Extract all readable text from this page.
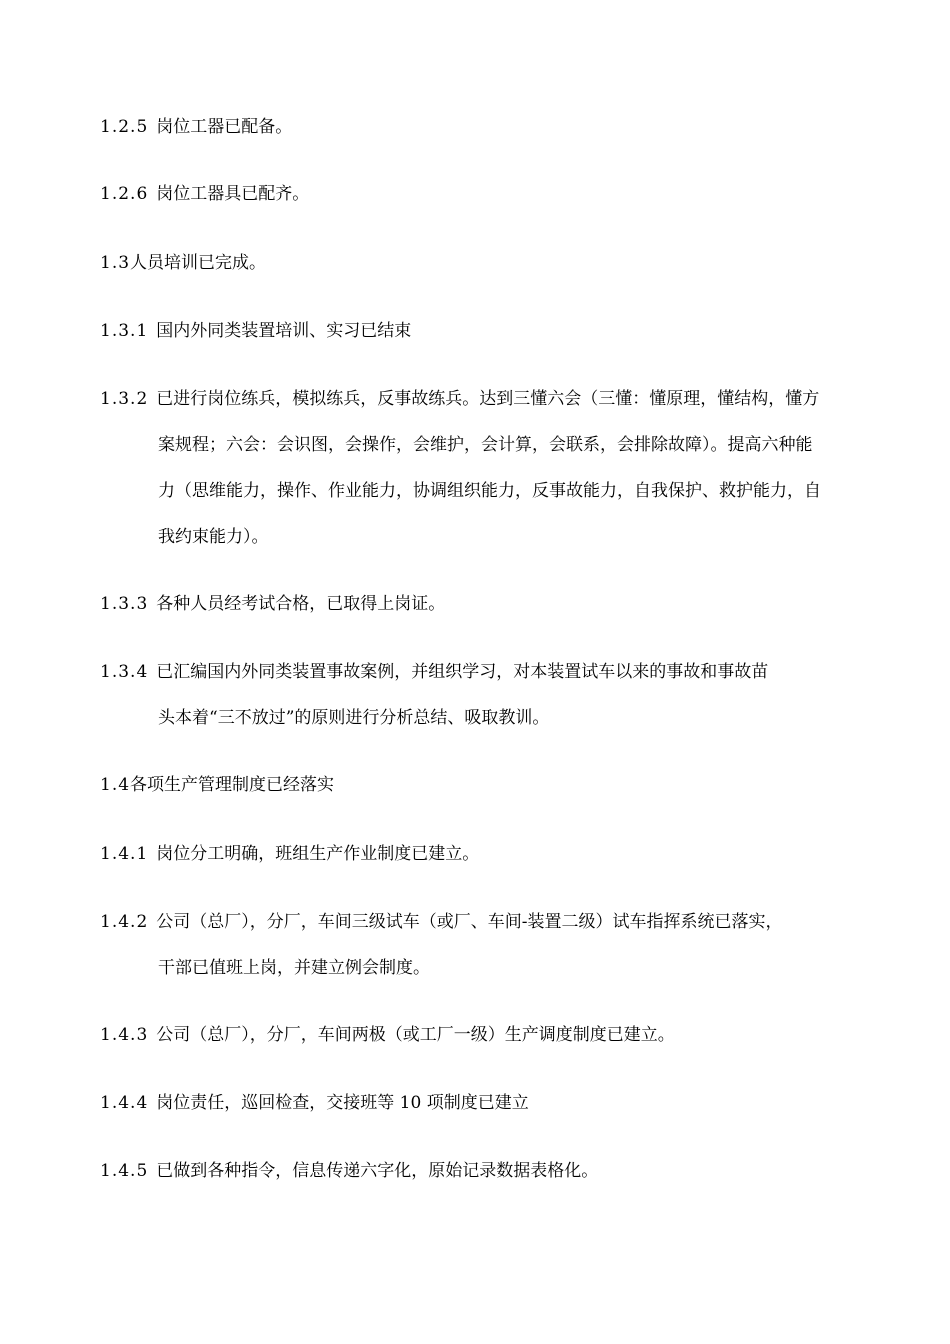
1.2.5 岗位工器已配备。
1.2.6 岗位工器具已配齐。
1.3人员培训已完成。
1.3.1 国内外同类装置培训、实习已结束
1.3.2 已进行岗位练兵，模拟练兵，反事故练兵。达到三懂六会（三懂：懂原理，懂结构，懂方
案规程；六会：会识图，会操作，会维护，会计算，会联系，会排除故障）。提高六种能
力（思维能力，操作、作业能力，协调组织能力，反事故能力，自我保护、救护能力，自
我约束能力）。
1.3.3 各种人员经考试合格，已取得上岗证。
1.3.4 已汇编国内外同类装置事故案例，并组织学习，对本装置试车以来的事故和事故苗
头本着“三不放过”的原则进行分析总结、吸取教训。
1.4各项生产管理制度已经落实
1.4.1 岗位分工明确，班组生产作业制度已建立。
1.4.2 公司（总厂），分厂，车间三级试车（或厂、车间-装置二级）试车指挥系统已落实，
干部已值班上岗，并建立例会制度。
1.4.3 公司（总厂），分厂，车间两极（或工厂一级）生产调度制度已建立。
1.4.4 岗位责任，巡回检查，交接班等 10 项制度已建立
1.4.5 已做到各种指令，信息传递六字化，原始记录数据表格化。
